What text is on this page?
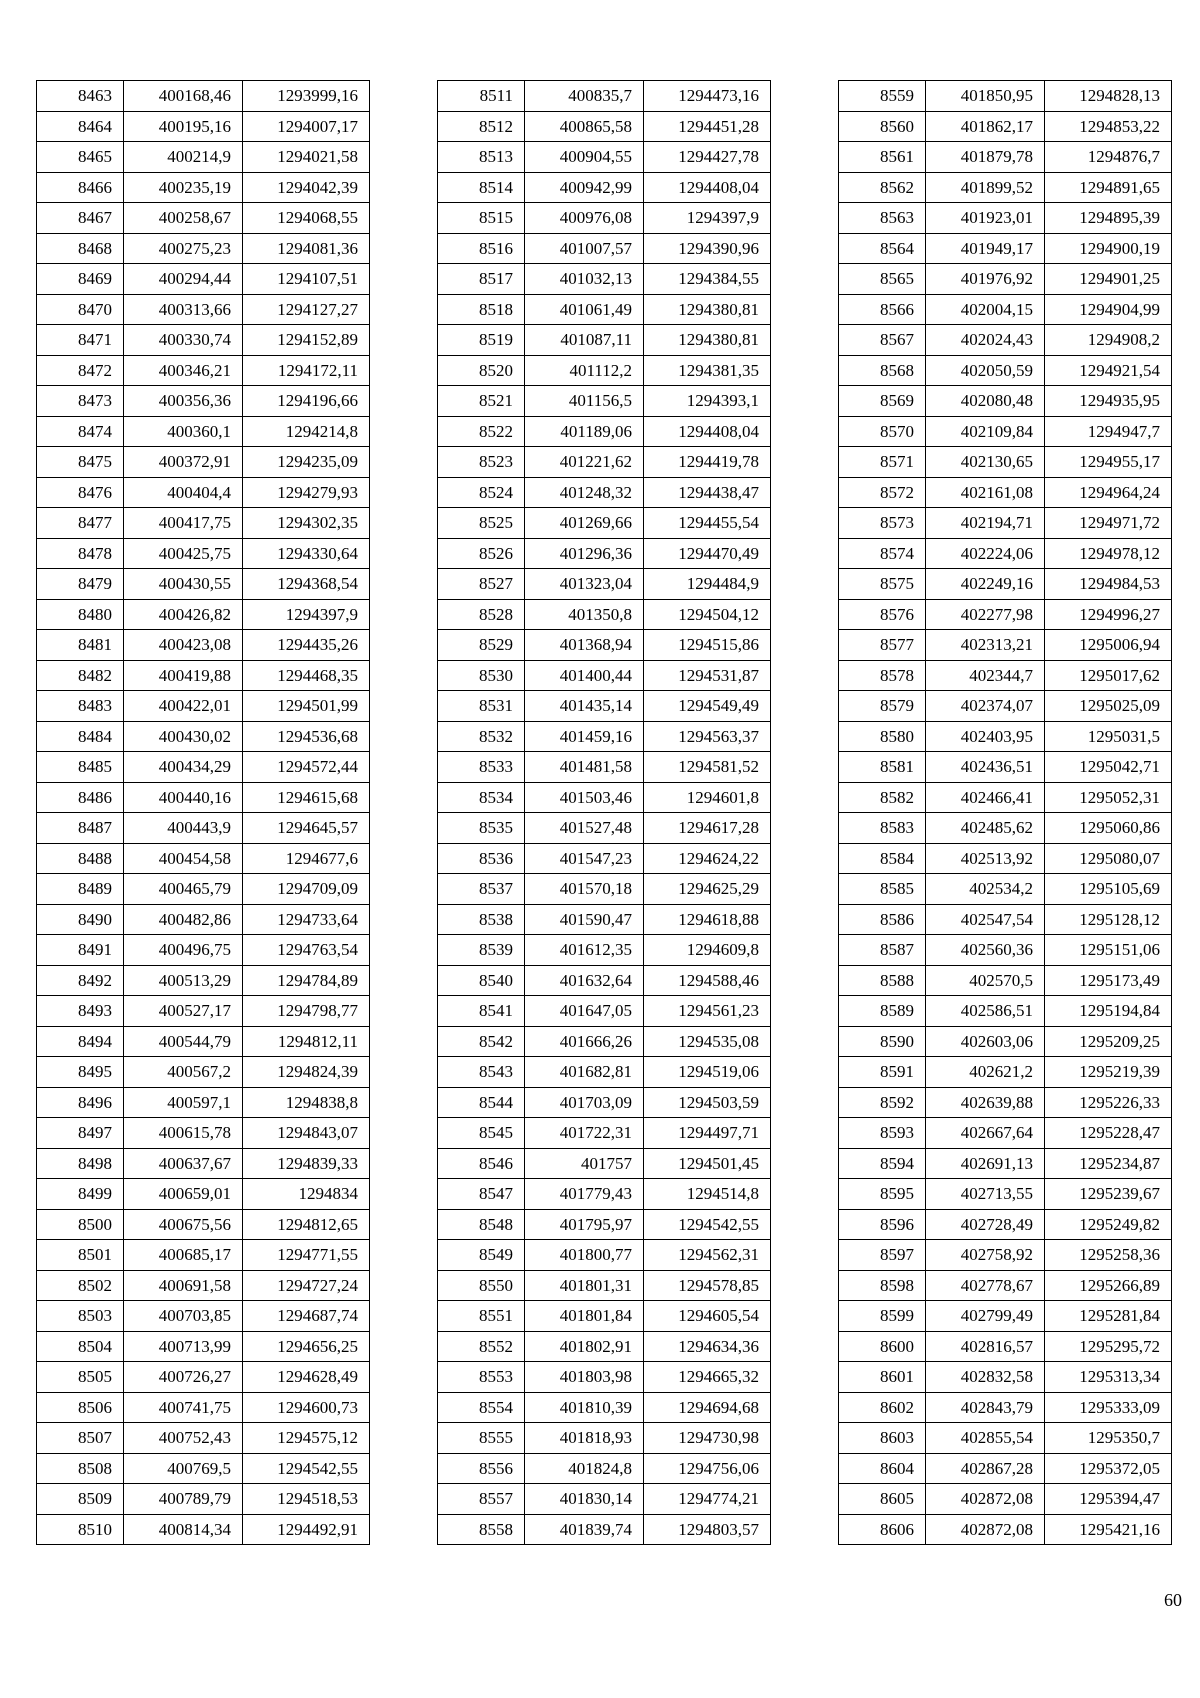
8463	400168,46	1293999,16
8464	400195,16	1294007,17
8465	400214,9	1294021,58
8466	400235,19	1294042,39
8467	400258,67	1294068,55
8468	400275,23	1294081,36
8469	400294,44	1294107,51
8470	400313,66	1294127,27
8471	400330,74	1294152,89
8472	400346,21	1294172,11
8473	400356,36	1294196,66
8474	400360,1	1294214,8
8475	400372,91	1294235,09
8476	400404,4	1294279,93
8477	400417,75	1294302,35
8478	400425,75	1294330,64
8479	400430,55	1294368,54
8480	400426,82	1294397,9
8481	400423,08	1294435,26
8482	400419,88	1294468,35
8483	400422,01	1294501,99
8484	400430,02	1294536,68
8485	400434,29	1294572,44
8486	400440,16	1294615,68
8487	400443,9	1294645,57
8488	400454,58	1294677,6
8489	400465,79	1294709,09
8490	400482,86	1294733,64
8491	400496,75	1294763,54
8492	400513,29	1294784,89
8493	400527,17	1294798,77
8494	400544,79	1294812,11
8495	400567,2	1294824,39
8496	400597,1	1294838,8
8497	400615,78	1294843,07
8498	400637,67	1294839,33
8499	400659,01	1294834
8500	400675,56	1294812,65
8501	400685,17	1294771,55
8502	400691,58	1294727,24
8503	400703,85	1294687,74
8504	400713,99	1294656,25
8505	400726,27	1294628,49
8506	400741,75	1294600,73
8507	400752,43	1294575,12
8508	400769,5	1294542,55
8509	400789,79	1294518,53
8510	400814,34	1294492,91
8511	400835,7	1294473,16
8512	400865,58	1294451,28
8513	400904,55	1294427,78
8514	400942,99	1294408,04
8515	400976,08	1294397,9
8516	401007,57	1294390,96
8517	401032,13	1294384,55
8518	401061,49	1294380,81
8519	401087,11	1294380,81
8520	401112,2	1294381,35
8521	401156,5	1294393,1
8522	401189,06	1294408,04
8523	401221,62	1294419,78
8524	401248,32	1294438,47
8525	401269,66	1294455,54
8526	401296,36	1294470,49
8527	401323,04	1294484,9
8528	401350,8	1294504,12
8529	401368,94	1294515,86
8530	401400,44	1294531,87
8531	401435,14	1294549,49
8532	401459,16	1294563,37
8533	401481,58	1294581,52
8534	401503,46	1294601,8
8535	401527,48	1294617,28
8536	401547,23	1294624,22
8537	401570,18	1294625,29
8538	401590,47	1294618,88
8539	401612,35	1294609,8
8540	401632,64	1294588,46
8541	401647,05	1294561,23
8542	401666,26	1294535,08
8543	401682,81	1294519,06
8544	401703,09	1294503,59
8545	401722,31	1294497,71
8546	401757	1294501,45
8547	401779,43	1294514,8
8548	401795,97	1294542,55
8549	401800,77	1294562,31
8550	401801,31	1294578,85
8551	401801,84	1294605,54
8552	401802,91	1294634,36
8553	401803,98	1294665,32
8554	401810,39	1294694,68
8555	401818,93	1294730,98
8556	401824,8	1294756,06
8557	401830,14	1294774,21
8558	401839,74	1294803,57
8559	401850,95	1294828,13
8560	401862,17	1294853,22
8561	401879,78	1294876,7
8562	401899,52	1294891,65
8563	401923,01	1294895,39
8564	401949,17	1294900,19
8565	401976,92	1294901,25
8566	402004,15	1294904,99
8567	402024,43	1294908,2
8568	402050,59	1294921,54
8569	402080,48	1294935,95
8570	402109,84	1294947,7
8571	402130,65	1294955,17
8572	402161,08	1294964,24
8573	402194,71	1294971,72
8574	402224,06	1294978,12
8575	402249,16	1294984,53
8576	402277,98	1294996,27
8577	402313,21	1295006,94
8578	402344,7	1295017,62
8579	402374,07	1295025,09
8580	402403,95	1295031,5
8581	402436,51	1295042,71
8582	402466,41	1295052,31
8583	402485,62	1295060,86
8584	402513,92	1295080,07
8585	402534,2	1295105,69
8586	402547,54	1295128,12
8587	402560,36	1295151,06
8588	402570,5	1295173,49
8589	402586,51	1295194,84
8590	402603,06	1295209,25
8591	402621,2	1295219,39
8592	402639,88	1295226,33
8593	402667,64	1295228,47
8594	402691,13	1295234,87
8595	402713,55	1295239,67
8596	402728,49	1295249,82
8597	402758,92	1295258,36
8598	402778,67	1295266,89
8599	402799,49	1295281,84
8600	402816,57	1295295,72
8601	402832,58	1295313,34
8602	402843,79	1295333,09
8603	402855,54	1295350,7
8604	402867,28	1295372,05
8605	402872,08	1295394,47
8606	402872,08	1295421,16
60
